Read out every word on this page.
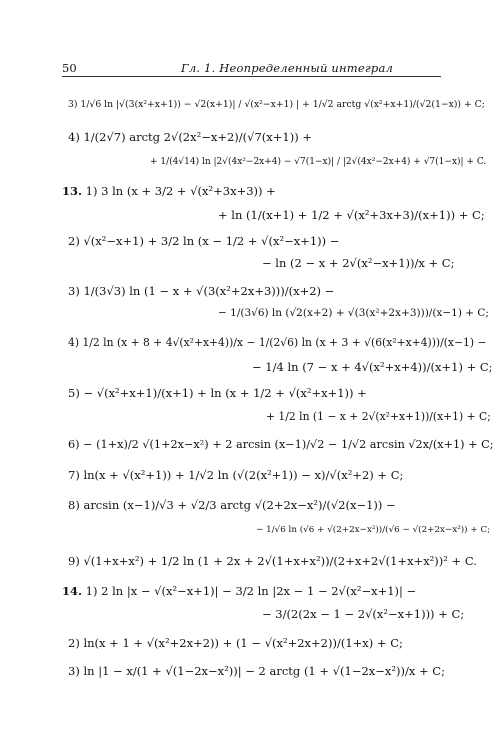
50	Гл. 1. Неопределенный интеграл
3) 1/√6 ln |√(3(x²+x+1)) − √2(x+1)| / √(x²−x+1) | + 1/√2 arctg √(x²+x+1)/(√2(1−x)) + C;
4) 1/(2√7) arctg 2√(2x²−x+2)/(√7(x+1)) +
+ 1/(4√14) ln |2√(4x²−2x+4) − √7(1−x)| / |2√(4x²−2x+4) + √7(1−x)| + C.
13. 1) 3 ln (x + 3/2 + √(x²+3x+3)) +
+ ln (1/(x+1) + 1/2 + √(x²+3x+3)/(x+1)) + C;
2) √(x²−x+1) + 3/2 ln (x − 1/2 + √(x²−x+1)) −
− ln (2 − x + 2√(x²−x+1))/x + C;
3) 1/(3√3) ln (1 − x + √(3(x²+2x+3)))/(x+2) −
− 1/(3√6) ln (√2(x+2) + √(3(x²+2x+3)))/(x−1) + C;
4) 1/2 ln (x + 8 + 4√(x²+x+4))/x − 1/(2√6) ln (x + 3 + √(6(x²+x+4)))/(x−1) −
− 1/4 ln (7 − x + 4√(x²+x+4))/(x+1) + C;
5) − √(x²+x+1)/(x+1) + ln (x + 1/2 + √(x²+x+1)) +
+ 1/2 ln (1 − x + 2√(x²+x+1))/(x+1) + C;
6) − (1+x)/2 √(1+2x−x²) + 2 arcsin (x−1)/√2 − 1/√2 arcsin √2x/(x+1) + C;
7) ln(x + √(x²+1)) + 1/√2 ln (√(2(x²+1)) − x)/√(x²+2) + C;
8) arcsin (x−1)/√3 + √2/3 arctg √(2+2x−x²)/(√2(x−1)) −
− 1/√6 ln (√6 + √(2+2x−x²))/(√6 − √(2+2x−x²)) + C;
9) √(1+x+x²) + 1/2 ln (1 + 2x + 2√(1+x+x²))/(2+x+2√(1+x+x²))² + C.
14. 1) 2 ln |x − √(x²−x+1)| − 3/2 ln |2x − 1 − 2√(x²−x+1)| −
− 3/(2(2x − 1 − 2√(x²−x+1))) + C;
2) ln(x + 1 + √(x²+2x+2)) + (1 − √(x²+2x+2))/(1+x) + C;
3) ln |1 − x/(1 + √(1−2x−x²))| − 2 arctg (1 + √(1−2x−x²))/x + C;
